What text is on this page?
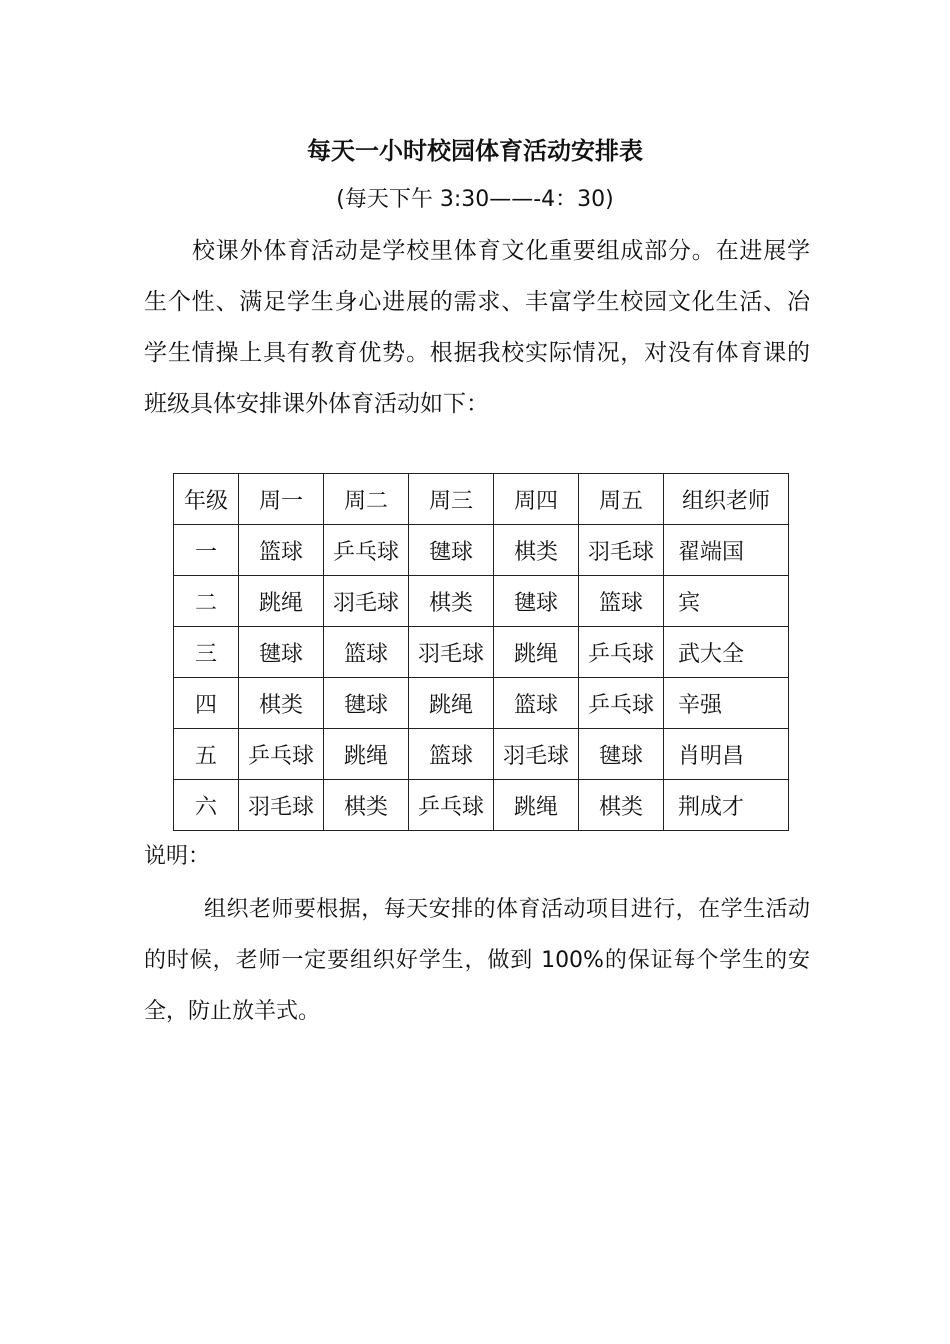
每天一小时校园体育活动安排表
(每天下午 3:30——-4：30)

校课外体育活动是学校里体育文化重要组成部分。在进展学生个性、满足学生身心进展的需求、丰富学生校园文化生活、冶学生情操上具有教育优势。根据我校实际情况，对没有体育课的班级具体安排课外体育活动如下：

年级	周一	周二	周三	周四	周五	组织老师
一	篮球	乒乓球	毽球	棋类	羽毛球	翟端国
二	跳绳	羽毛球	棋类	毽球	篮球	宾
三	毽球	篮球	羽毛球	跳绳	乒乓球	武大全
四	棋类	毽球	跳绳	篮球	乒乓球	辛强
五	乒乓球	跳绳	篮球	羽毛球	毽球	肖明昌
六	羽毛球	棋类	乒乓球	跳绳	棋类	荆成才
说明：

组织老师要根据，每天安排的体育活动项目进行，在学生活动的时候，老师一定要组织好学生，做到 100%的保证每个学生的安全，防止放羊式。
